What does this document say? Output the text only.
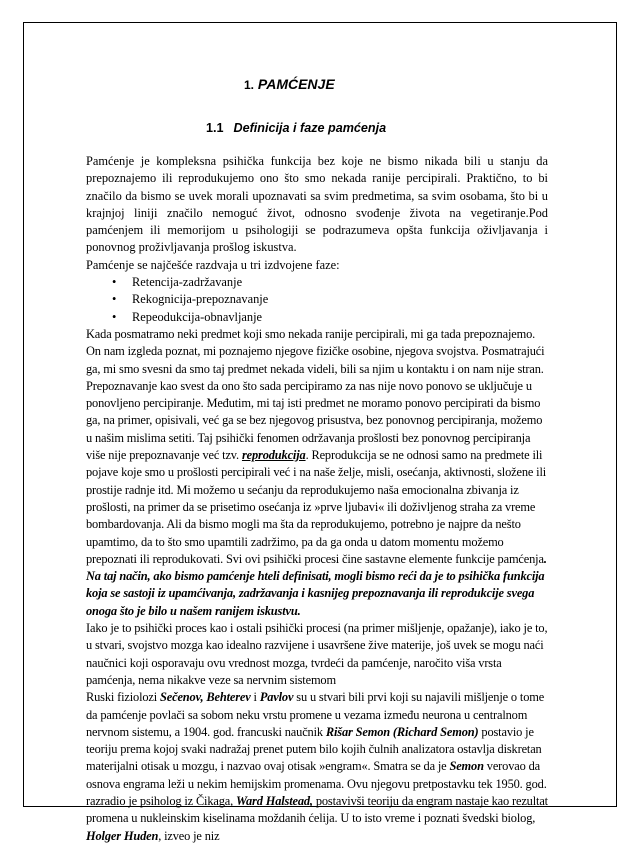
1. PAMĆENJE
1.1 Definicija i faze pamćenja

Pamćenje je kompleksna psihička funkcija bez koje ne bismo nikada bili u stanju da prepoznajemo ili reprodukujemo ono što smo nekada ranije percipirali. Praktično, to bi značilo da bismo se uvek morali upoznavati sa svim predmetima, sa svim osobama, što bi u krajnjoj liniji značilo nemoguć život, odnosno svođenje života na vegetiranje.Pod pamćenjem ili memorijom u psihologiji se podrazumeva opšta funkcija oživljavanja i ponovnog proživljavanja prošlog iskustva.

Pamćenje se najčešće razdvaja u tri izdvojene faze:

• Retencija-zadržavanje
• Rekognicija-prepoznavanje
• Repeodukcija-obnavljanje

Kada posmatramo neki predmet koji smo nekada ranije percipirali, mi ga tada prepoznajemo. On nam izgleda poznat, mi poznajemo njegove fizičke osobine, njegova svojstva. Posmatrajući ga, mi smo svesni da smo taj predmet nekada videli, bili sa njim u kontaktu i on nam nije stran. Prepoznavanje kao svest da ono što sada percipiramo za nas nije novo ponovo se uključuje u ponovljeno percipiranje. Međutim, mi taj isti predmet ne moramo ponovo percipirati da bismo ga, na primer, opisivali, već ga se bez njegovog prisustva, bez ponovnog percipiranja, možemo u našim mislima setiti. Taj psihički fenomen održavanja prošlosti bez ponovnog percipiranja više nije prepoznavanje već tzv. reprodukcija. Reprodukcija se ne odnosi samo na predmete ili pojave koje smo u prošlosti percipirali već i na naše želje, misli, osećanja, aktivnosti, složene ili prostije radnje itd. Mi možemo u sećanju da reprodukujemo naša emocionalna zbivanja iz prošlosti, na primer da se prisetimo osećanja iz »prve ljubavi« ili doživljenog straha za vreme bombardovanja. Ali da bismo mogli ma šta da reprodukujemo, potrebno je najpre da nešto upamtimo, da to što smo upamtili zadržimo, pa da ga onda u datom momentu možemo prepoznati ili reprodukovati. Svi ovi psihički procesi čine sastavne elemente funkcije pamćenja. Na taj način, ako bismo pamćenje hteli definisati, mogli bismo reći da je to psihička funkcija koja se sastoji iz upamćivanja, zadržavanja i kasnijeg prepoznavanja ili reprodukcije svega onoga što je bilo u našem ranijem iskustvu.

Iako je to psihički proces kao i ostali psihički procesi (na primer mišljenje, opažanje), iako je to, u stvari, svojstvo mozga kao idealno razvijene i usavršene žive materije, još uvek se mogu naći naučnici koji osporavaju ovu vrednost mozga, tvrdeći da pamćenje, naročito viša vrsta pamćenja, nema nikakve veze sa nervnim sistemom

Ruski fiziolozi Sečenov, Behterev i Pavlov su u stvari bili prvi koji su najavili mišljenje o tome da pamćenje povlači sa sobom neku vrstu promene u vezama između neurona u centralnom nervnom sistemu, a 1904. god. francuski naučnik Rišar Semon (Richard Semon) postavio je teoriju prema kojoj svaki nadražaj prenet putem bilo kojih čulnih analizatora ostavlja diskretan materijalni otisak u mozgu, i nazvao ovaj otisak »engram«. Smatra se da je Semon verovao da osnova engrama leži u nekim hemijskim promenama. Ovu njegovu pretpostavku tek 1950. god. razradio je psiholog iz Čikaga, Ward Halstead, postavivši teoriju da engram nastaje kao rezultat promena u nukleinskim kiselinama moždanih ćelija. U to isto vreme i poznati švedski biolog, Holger Huden, izveo je niz
